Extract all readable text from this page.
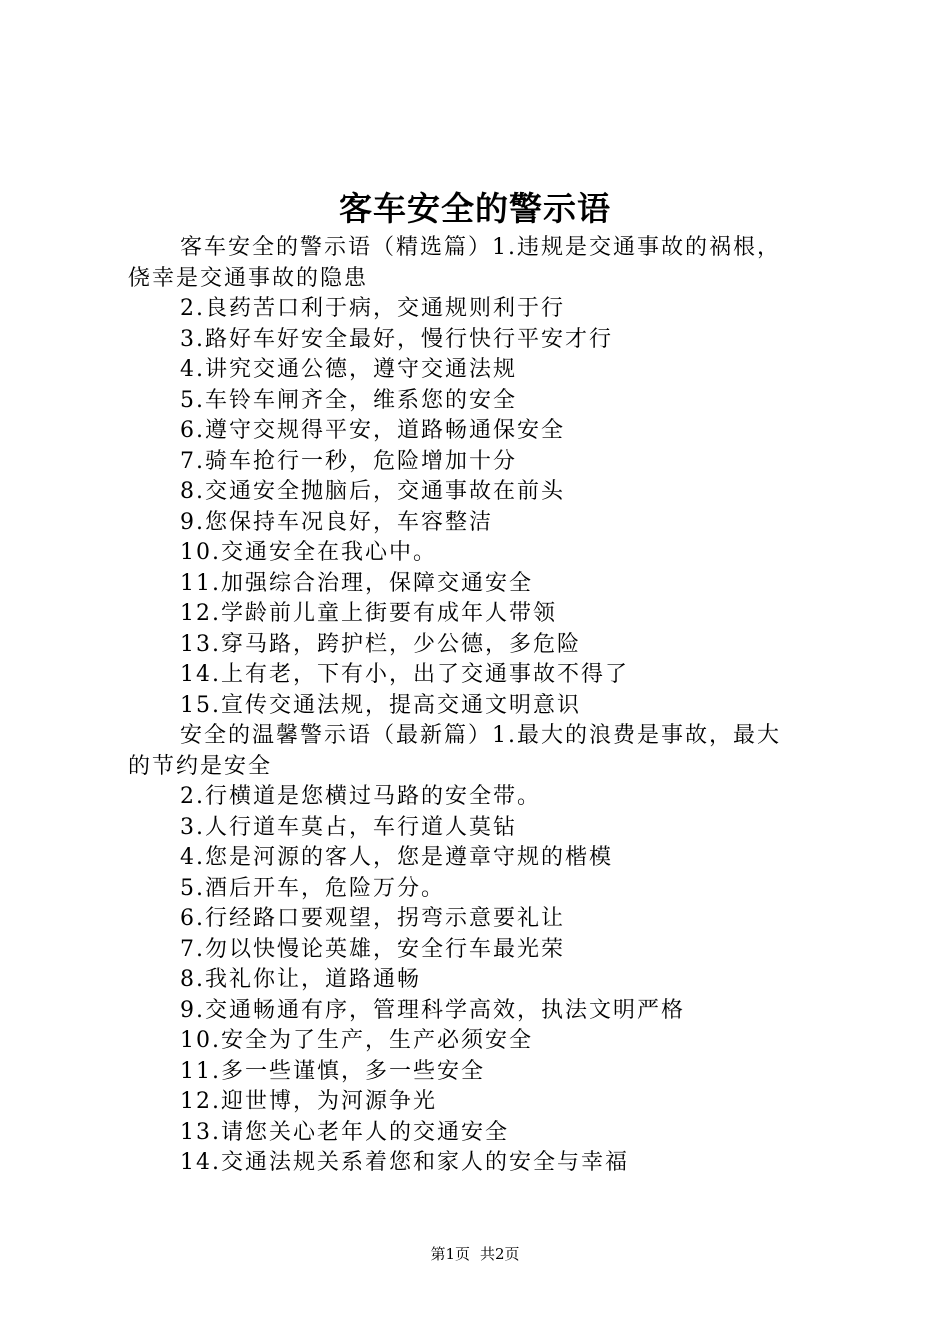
客车安全的警示语
客车安全的警示语（精选篇）1.违规是交通事故的祸根，
侥幸是交通事故的隐患
2.良药苦口利于病，交通规则利于行
3.路好车好安全最好，慢行快行平安才行
4.讲究交通公德，遵守交通法规
5.车铃车闸齐全，维系您的安全
6.遵守交规得平安，道路畅通保安全
7.骑车抢行一秒，危险增加十分
8.交通安全抛脑后，交通事故在前头
9.您保持车况良好，车容整洁
10.交通安全在我心中。
11.加强综合治理，保障交通安全
12.学龄前儿童上街要有成年人带领
13.穿马路，跨护栏，少公德，多危险
14.上有老，下有小，出了交通事故不得了
15.宣传交通法规，提高交通文明意识
安全的温馨警示语（最新篇）1.最大的浪费是事故，最大
的节约是安全
2.行横道是您横过马路的安全带。
3.人行道车莫占，车行道人莫钻
4.您是河源的客人，您是遵章守规的楷模
5.酒后开车，危险万分。
6.行经路口要观望，拐弯示意要礼让
7.勿以快慢论英雄，安全行车最光荣
8.我礼你让，道路通畅
9.交通畅通有序，管理科学高效，执法文明严格
10.安全为了生产，生产必须安全
11.多一些谨慎，多一些安全
12.迎世博，为河源争光
13.请您关心老年人的交通安全
14.交通法规关系着您和家人的安全与幸福
第1页 共2页
